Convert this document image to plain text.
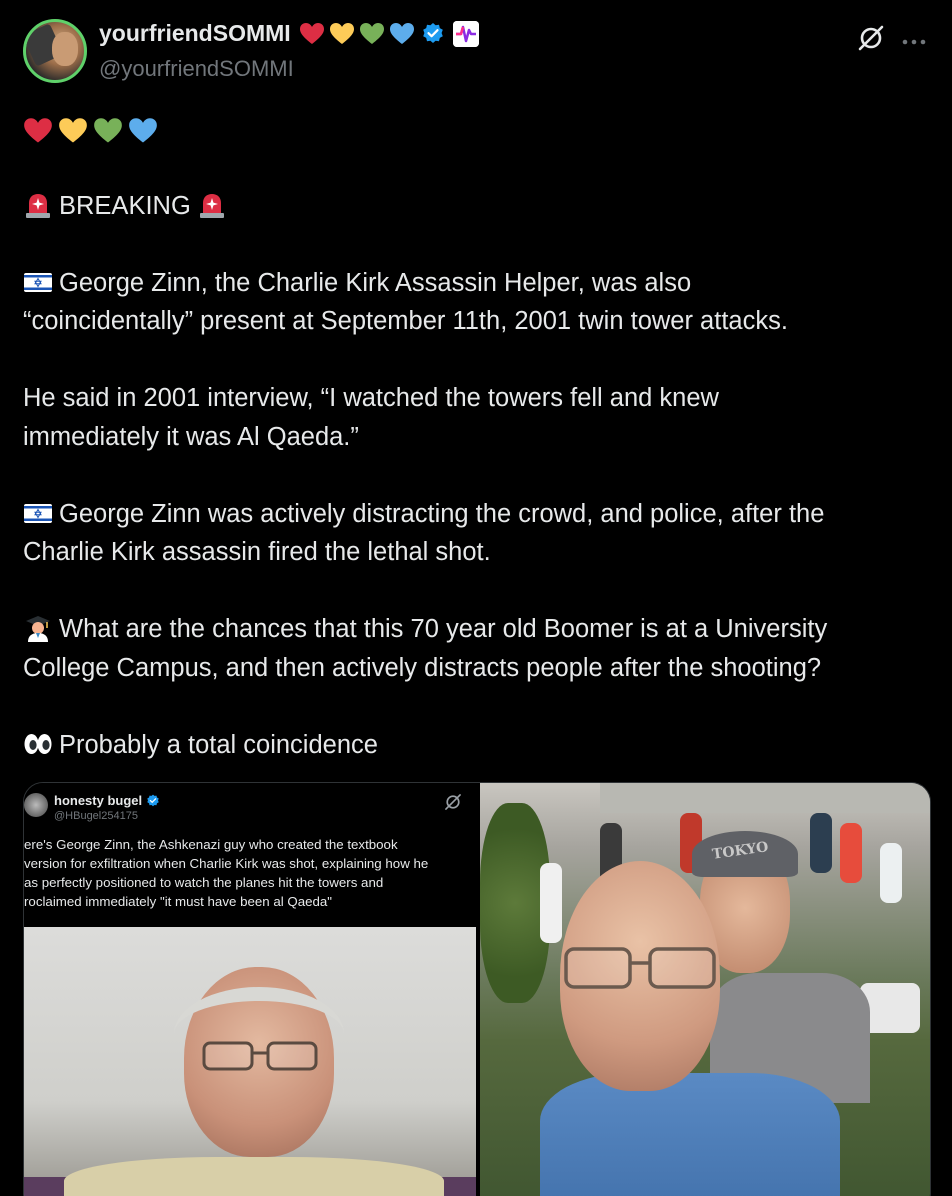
yourfriendSOMMI
@yourfriendSOMMI

BREAKING

George Zinn, the Charlie Kirk Assassin Helper, was also
“coincidentally” present at September 11th, 2001 twin tower attacks.

He said in 2001 interview, “I watched the towers fell and knew
immediately it was Al Qaeda.”

George Zinn was actively distracting the crowd, and police, after the
Charlie Kirk assassin fired the lethal shot.

What are the chances that this 70 year old Boomer is at a University
College Campus, and then actively distracts people after the shooting?

Probably a total coincidence

honesty bugel
@HBugel254175

ere's George Zinn, the Ashkenazi guy who created the textbook

version for exfiltration when Charlie Kirk was shot, explaining how he

as perfectly positioned to watch the planes hit the towers and

roclaimed immediately "it must have been al Qaeda"

TOKYO
